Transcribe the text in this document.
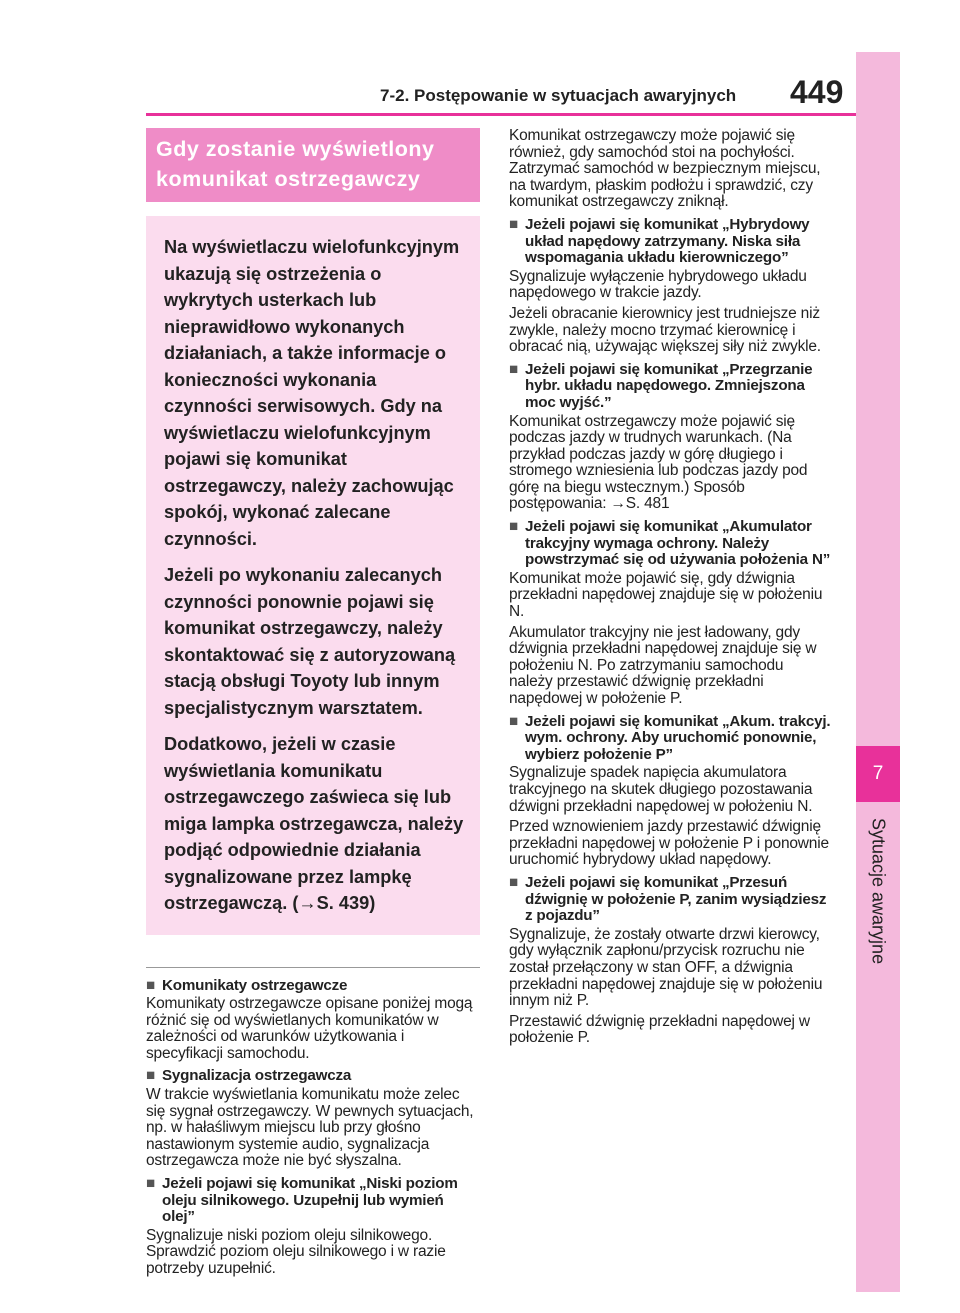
7
Sytuacje awaryjne
7-2. Postępowanie w sytuacjach awaryjnych 449
Gdy zostanie wyświetlony komunikat ostrzegawczy

Na wyświetlaczu wielofunkcyjnym ukazują się ostrzeżenia o wykrytych usterkach lub nieprawidłowo wykonanych działaniach, a także informacje o konieczności wykonania czynności serwisowych. Gdy na wyświetlaczu wielofunkcyjnym pojawi się komunikat ostrzegawczy, należy zachowując spokój, wykonać zalecane czynności.

Jeżeli po wykonaniu zalecanych czynności ponownie pojawi się komunikat ostrzegawczy, należy skontaktować się z autoryzowaną stacją obsługi Toyoty lub innym specjalistycznym warsztatem.

Dodatkowo, jeżeli w czasie wyświetlania komunikatu ostrzegawczego zaświeca się lub miga lampka ostrzegawcza, należy podjąć odpowiednie działania sygnalizowane przez lampkę ostrzegawczą. (→S. 439)

■ Komunikaty ostrzegawcze

Komunikaty ostrzegawcze opisane poniżej mogą różnić się od wyświetlanych komunikatów w zależności od warunków użytkowania i specyfikacji samochodu.

■ Sygnalizacja ostrzegawcza

W trakcie wyświetlania komunikatu może zelec się sygnał ostrzegawczy. W pewnych sytuacjach, np. w hałaśliwym miejscu lub przy głośno nastawionym systemie audio, sygnalizacja ostrzegawcza może nie być słyszalna.

■ Jeżeli pojawi się komunikat „Niski poziom oleju silnikowego. Uzupełnij lub wymień olej”

Sygnalizuje niski poziom oleju silnikowego. Sprawdzić poziom oleju silnikowego i w razie potrzeby uzupełnić.

Komunikat ostrzegawczy może pojawić się również, gdy samochód stoi na pochyłości. Zatrzymać samochód w bezpiecznym miejscu, na twardym, płaskim podłożu i sprawdzić, czy komunikat ostrzegawczy zniknął.

■ Jeżeli pojawi się komunikat „Hybrydowy układ napędowy zatrzymany. Niska siła wspomagania układu kierowniczego”

Sygnalizuje wyłączenie hybrydowego układu napędowego w trakcie jazdy.

Jeżeli obracanie kierownicy jest trudniejsze niż zwykle, należy mocno trzymać kierownicę i obracać nią, używając większej siły niż zwykle.

■ Jeżeli pojawi się komunikat „Przegrzanie hybr. układu napędowego. Zmniejszona moc wyjść.”

Komunikat ostrzegawczy może pojawić się podczas jazdy w trudnych warunkach. (Na przykład podczas jazdy w górę długiego i stromego wzniesienia lub podczas jazdy pod górę na biegu wstecznym.) Sposób postępowania: →S. 481

■ Jeżeli pojawi się komunikat „Akumulator trakcyjny wymaga ochrony. Należy powstrzymać się od używania położenia N”

Komunikat może pojawić się, gdy dźwignia przekładni napędowej znajduje się w położeniu N.

Akumulator trakcyjny nie jest ładowany, gdy dźwignia przekładni napędowej znajduje się w położeniu N. Po zatrzymaniu samochodu należy przestawić dźwignię przekładni napędowej w położenie P.

■ Jeżeli pojawi się komunikat „Akum. trakcyj. wym. ochrony. Aby uruchomić ponownie, wybierz położenie P”

Sygnalizuje spadek napięcia akumulatora trakcyjnego na skutek długiego pozostawania dźwigni przekładni napędowej w położeniu N.

Przed wznowieniem jazdy przestawić dźwignię przekładni napędowej w położenie P i ponownie uruchomić hybrydowy układ napędowy.

■ Jeżeli pojawi się komunikat „Przesuń dźwignię w położenie P, zanim wysiądziesz z pojazdu”

Sygnalizuje, że zostały otwarte drzwi kierowcy, gdy wyłącznik zapłonu/przycisk rozruchu nie został przełączony w stan OFF, a dźwignia przekładni napędowej znajduje się w położeniu innym niż P.

Przestawić dźwignię przekładni napędowej w położenie P.
